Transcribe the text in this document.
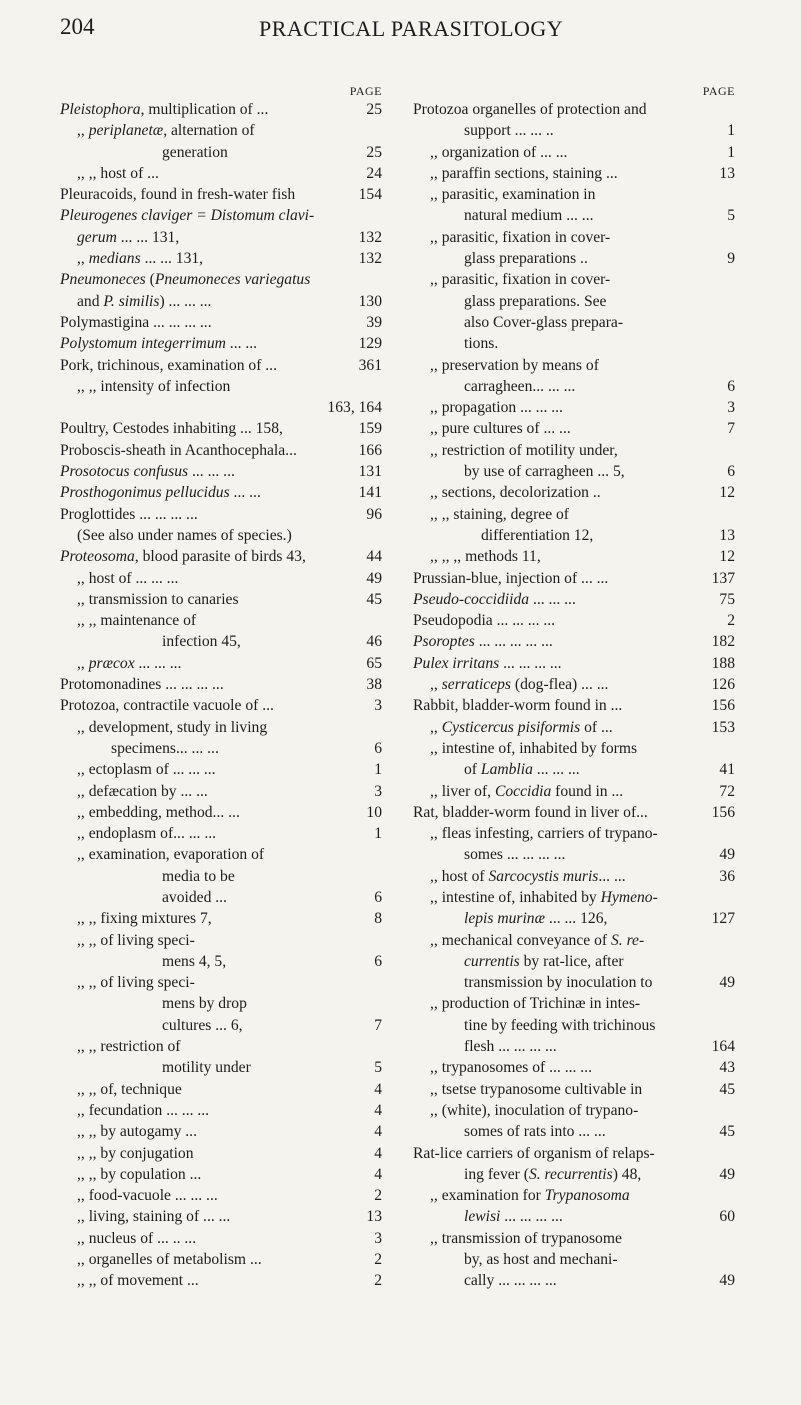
204	PRACTICAL PARASITOLOGY
PAGE
Pleistophora, multiplication of ...	25
,, periplanetæ, alternation of
generation	25
,, ,, host of ...	24
Pleuracoids, found in fresh-water fish	154
Pleurogenes claviger = Distomum clavi-
gerum ... ... 131,	132
,, medians ... ... 131,	132
Pneumoneces (Pneumoneces variegatus
and P. similis) ... ... ...	130
Polymastigina ... ... ... ...	39
Polystomum integerrimum ... ...	129
Pork, trichinous, examination of ...	361
,, ,, intensity of infection
163, 164
Poultry, Cestodes inhabiting ... 158,	159
Proboscis-sheath in Acanthocephala...	166
Prosotocus confusus ... ... ...	131
Prosthogonimus pellucidus ... ...	141
Proglottides ... ... ... ...	96
(See also under names of species.)
Proteosoma, blood parasite of birds 43,	44
,, host of ... ... ...	49
,, transmission to canaries	45
,, ,, maintenance of
infection 45,	46
,, præcox ... ... ...	65
Protomonadines ... ... ... ...	38
Protozoa, contractile vacuole of ...	3
,, development, study in living
specimens... ... ...	6
,, ectoplasm of ... ... ...	1
,, defæcation by ... ...	3
,, embedding, method... ...	10
,, endoplasm of... ... ...	1
,, examination, evaporation of
media to be
avoided ...	6
,, ,, fixing mixtures 7,	8
,, ,, of living speci-
mens 4, 5,	6
,, ,, of living speci-
mens by drop
cultures ... 6,	7
,, ,, restriction of
motility under	5
,, ,, of, technique	4
,, fecundation ... ... ...	4
,, ,, by autogamy ...	4
,, ,, by conjugation	4
,, ,, by copulation ...	4
,, food-vacuole ... ... ...	2
,, living, staining of ... ...	13
,, nucleus of ... .. ...	3
,, organelles of metabolism ...	2
,, ,, of movement ...	2
PAGE
Protozoa organelles of protection and
support ... ... ..	1
,, organization of ... ...	1
,, paraffin sections, staining ...	13
,, parasitic, examination in
natural medium ... ...	5
,, parasitic, fixation in cover-
glass preparations ..	9
,, parasitic, fixation in cover-
glass preparations. See
also Cover-glass prepara-
tions.
,, preservation by means of
carragheen... ... ...	6
,, propagation ... ... ...	3
,, pure cultures of ... ...	7
,, restriction of motility under,
by use of carragheen ... 5,	6
,, sections, decolorization ..	12
,, ,, staining, degree of
differentiation 12,	13
,, ,, ,, methods 11,	12
Prussian-blue, injection of ... ...	137
Pseudo-coccidiida ... ... ...	75
Pseudopodia ... ... ... ...	2
Psoroptes ... ... ... ... ...	182
Pulex irritans ... ... ... ...	188
,, serraticeps (dog-flea) ... ...	126
Rabbit, bladder-worm found in ...	156
,, Cysticercus pisiformis of ...	153
,, intestine of, inhabited by forms
of Lamblia ... ... ...	41
,, liver of, Coccidia found in ...	72
Rat, bladder-worm found in liver of...	156
,, fleas infesting, carriers of trypano-
somes ... ... ... ...	49
,, host of Sarcocystis muris... ...	36
,, intestine of, inhabited by Hymeno-
lepis murinæ ... ... 126,	127
,, mechanical conveyance of S. re-
currentis by rat-lice, after
transmission by inoculation to	49
,, production of Trichinæ in intes-
tine by feeding with trichinous
flesh ... ... ... ...	164
,, trypanosomes of ... ... ...	43
,, tsetse trypanosome cultivable in	45
,, (white), inoculation of trypano-
somes of rats into ... ...	45
Rat-lice carriers of organism of relaps-
ing fever (S. recurrentis) 48,	49
,, examination for Trypanosoma
lewisi ... ... ... ...	60
,, transmission of trypanosome
by, as host and mechani-
cally ... ... ... ...	49
